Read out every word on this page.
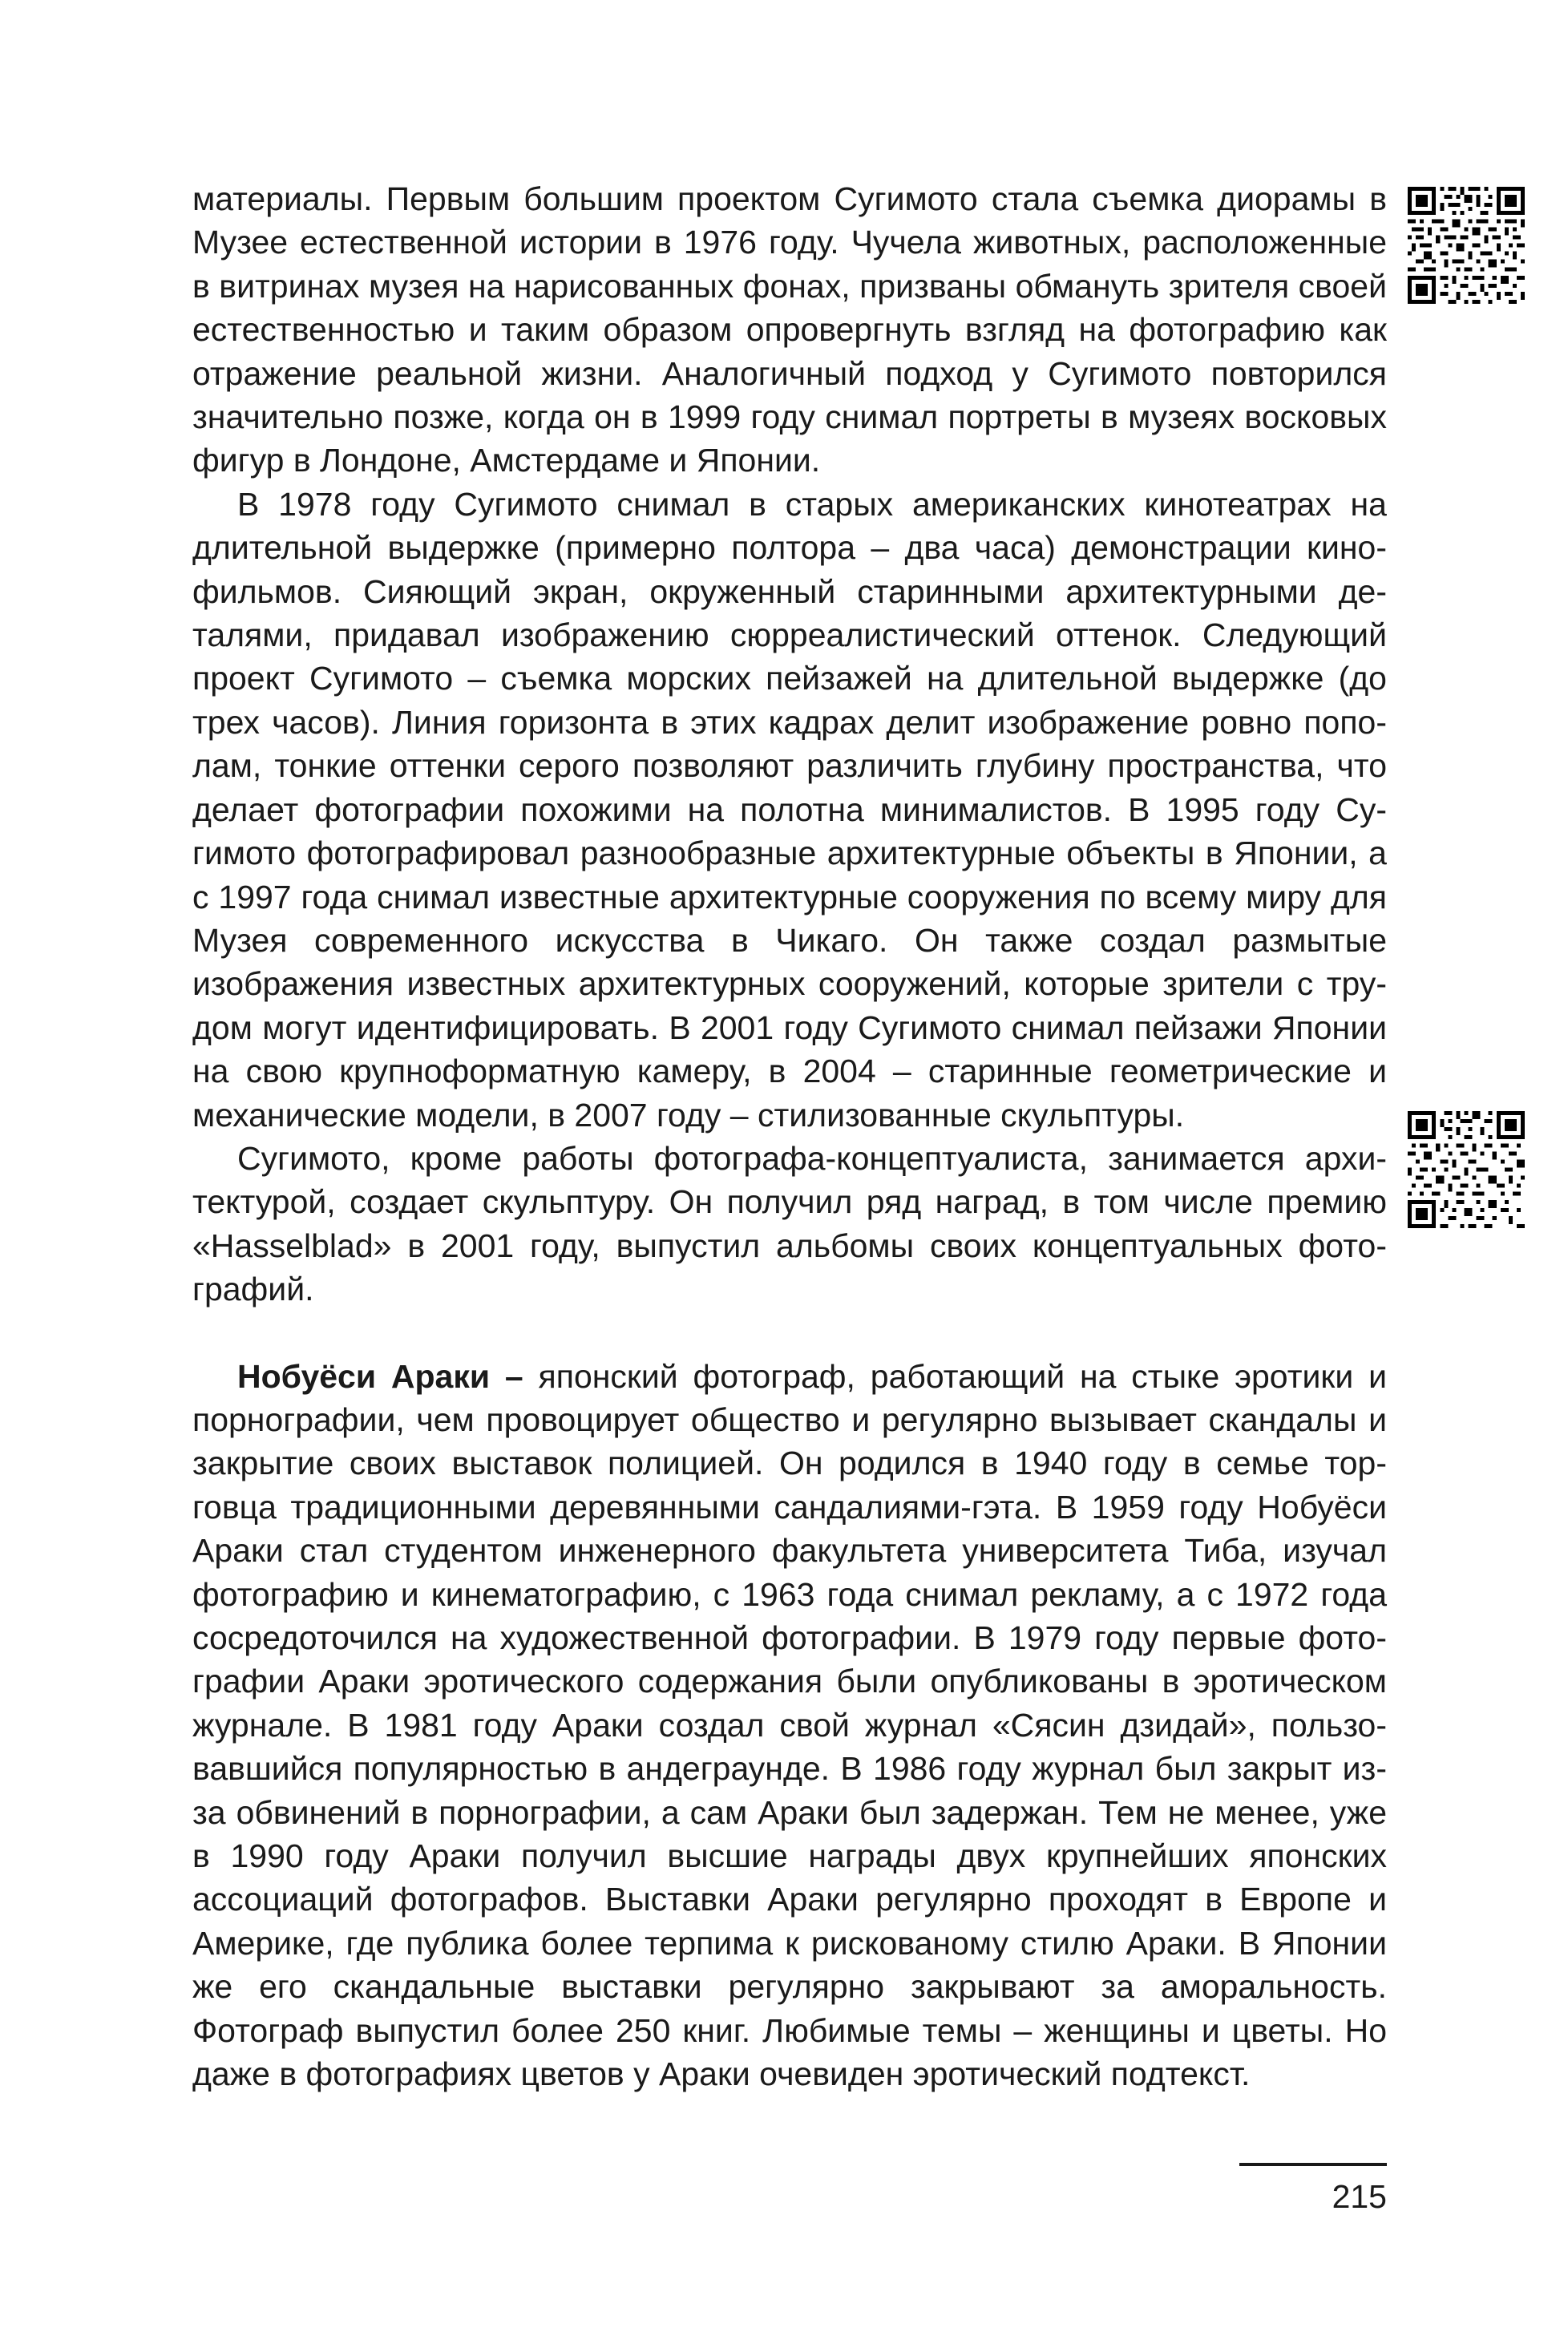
материалы. Первым большим проектом Сугимото стала съемка диорамы в Музее естественной истории в 1976 году. Чучела животных, расположенные в витринах музея на нарисованных фонах, призваны обмануть зрителя своей естественностью и таким образом опровергнуть взгляд на фотографию как отражение реальной жизни. Аналогичный подход у Сугимото повторился значительно позже, когда он в 1999 году снимал портреты в музеях восковых фигур в Лондоне, Амстердаме и Японии.

В 1978 году Сугимото снимал в старых американских кинотеатрах на длительной выдержке (примерно полтора – два часа) демонстрации кинофильмов. Сияющий экран, окруженный старинными архитектурными деталями, придавал изображению сюрреалистический оттенок. Следующий проект Сугимото – съемка морских пейзажей на длительной выдержке (до трех часов). Линия горизонта в этих кадрах делит изображение ровно пополам, тонкие оттенки серого позволяют различить глубину пространства, что делает фотографии похожими на полотна минималистов. В 1995 году Сугимото фотографировал разнообразные архитектурные объекты в Японии, а с 1997 года снимал известные архитектурные сооружения по всему миру для Музея современного искусства в Чикаго. Он также создал размытые изображения известных архитектурных сооружений, которые зрители с трудом могут идентифицировать. В 2001 году Сугимото снимал пейзажи Японии на свою крупноформатную камеру, в 2004 – старинные геометрические и механические модели, в 2007 году – стилизованные скульптуры.

Сугимото, кроме работы фотографа-концептуалиста, занимается архитектурой, создает скульптуру. Он получил ряд наград, в том числе премию «Hasselblad» в 2001 году, выпустил альбомы своих концептуальных фотографий.

Нобуёси Араки – японский фотограф, работающий на стыке эротики и порнографии, чем провоцирует общество и регулярно вызывает скандалы и закрытие своих выставок полицией. Он родился в 1940 году в семье торговца традиционными деревянными сандалиями-гэта. В 1959 году Нобуёси Араки стал студентом инженерного факультета университета Тиба, изучал фотографию и кинематографию, с 1963 года снимал рекламу, а с 1972 года сосредоточился на художественной фотографии. В 1979 году первые фотографии Араки эротического содержания были опубликованы в эротическом журнале. В 1981 году Араки создал свой журнал «Сясин дзидай», пользовавшийся популярностью в андеграунде. В 1986 году журнал был закрыт из-за обвинений в порнографии, а сам Араки был задержан. Тем не менее, уже в 1990 году Араки получил высшие награды двух крупнейших японских ассоциаций фотографов. Выставки Араки регулярно проходят в Европе и Америке, где публика более терпима к рискованому стилю Араки. В Японии же его скандальные выставки регулярно закрывают за аморальность. Фотограф выпустил более 250 книг. Любимые темы – женщины и цветы. Но даже в фотографиях цветов у Араки очевиден эротический подтекст.

215
